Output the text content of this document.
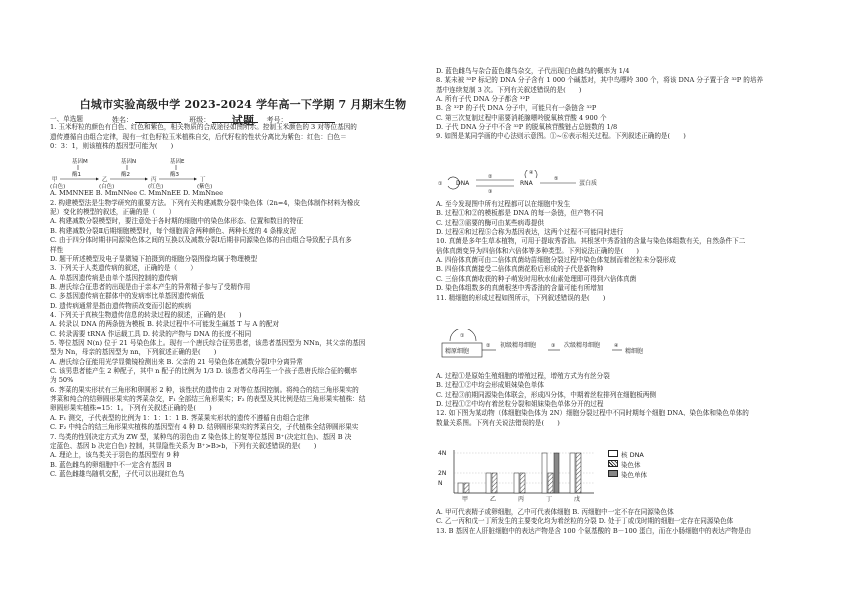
白城市实验高级中学 2023-2024 学年高一下学期 7 月期末生物试题
姓名：	班级：	考号：
一、单选题
1. 玉米籽粒的颜色有白色、红色和紫色，相关物质的合成途径如图所示。控制玉米颜色的 3 对等位基因的
遗传遵循自由组合定律，现有一红色籽粒玉米植株自交，后代籽粒的性状分离比为紫色：红色：白色＝
0：3：1，则该植株的基因型可能为(　　)
A. MMNNEE B. MmNNee C. MmNnEE D. MmNnee
2. 构建模型法是生物学研究的重要方法。下列有关构建减数分裂中染色体（2n=4，染色体制作材料为橡皮
泥）变化的模型的叙述，正确的是（　　）
A. 构建减数分裂模型时，要注意处于各时期的细胞中的染色体形态、位置和数目的特征
B. 构建减数分裂Ⅱ后期细胞模型时，每个细胞需含两种颜色、两种长度的 4 条橡皮泥
C. 由于四分体时期非同源染色体之间的互换以及减数分裂Ⅰ后期非同源染色体的自由组合导致配子具有多
样性
D. 题干所述模型及电子显微镜下拍摄到的细胞分裂图像均属于物理模型
3. 下列关于人类遗传病的叙述，正确的是（　　）
A. 单基因遗传病是由单个基因控制的遗传病
B. 唐氏综合征患者的出现是由于亲本产生的异常精子参与了受精作用
C. 多基因遗传病在群体中的发病率比单基因遗传病低
D. 遗传病通常是指由遗传物质改变而引起的疾病
4. 下列关于真核生物遗传信息的转录过程的叙述，正确的是(　　)
A. 转录以 DNA 的两条链为模板 B. 转录过程中不可能发生碱基 T 与 A 的配对
C. 转录需要 tRNA 作运载工具 D. 转录的产物与 DNA 的长度不相同
5. 等位基因 N(n) 位于 21 号染色体上。现有一个唐氏综合征男患者，该患者基因型为 NNn，其父亲的基因
型为 Nn，母亲的基因型为 nn，下列叙述正确的是(　　)
A. 唐氏综合征能用光学显微镜检测出来 B. 父亲的 21 号染色体在减数分裂Ⅰ中分离异常
C. 该男患者能产生 2 种配子，其中 n 配子的比例为 1/3 D. 该患者父母再生一个孩子患唐氏综合征的概率
为 50%
6. 荠菜的果实形状有三角形和卵圆形 2 种，该性状的遗传由 2 对等位基因控制。将纯合的结三角形果实的
荠菜和纯合的结卵圆形果实的荠菜杂交，F₁ 全部结三角形果实；F₂ 的表型及其比例是结三角形果实植株：结
卵圆形果实植株=15：1。下列有关叙述正确的是(　　)
A. F₁ 测交，子代表型的比例为 1：1：1：1 B. 荠菜果实形状的遗传不遵循自由组合定律
C. F₂ 中纯合的结三角形果实植株的基因型有 4 种 D. 结卵圆形果实的荠菜自交，子代植株全结卵圆形果实
7. 鸟类的性别决定方式为 ZW 型，某种鸟的羽色由 Z 染色体上的复等位基因 B⁺(决定红色)、基因 B 决
定蓝色、基因 b 决定白色) 控制，其显隐性关系为 B⁺>B>b，下列有关叙述错误的是(　　)
A. 理论上，该鸟类关于羽色的基因型有 9 种
B. 蓝色雌鸟的卵细胞中不一定含有基因 B
C. 蓝色雌雄鸟随机交配，子代可以出现红色鸟
D. 蓝色雌鸟与杂合蓝色雄鸟杂交，子代出现白色雌鸟的概率为 1/4
8. 某未被 ³²P 标记的 DNA 分子含有 1 000 个碱基对，其中鸟嘌呤 300 个，将该 DNA 分子置于含 ³²P 的培养
基中连续复制 3 次。下列有关叙述错误的是(　　)
A. 所有子代 DNA 分子都含 ³²P
B. 含 ³²P 的子代 DNA 分子中，可能只有一条链含 ³²P
C. 第三次复制过程中需要消耗腺嘌呤脱氧核苷酸 4 900 个
D. 子代 DNA 分子中不含 ³²P 的脱氧核苷酸链占总链数的 1/8
9. 如图是某同学画的中心法则示意图。①~⑥表示相关过程。下列叙述正确的是(　　)
A. 至今发现图中所有过程都可以在细胞中发生
B. 过程①和②的模板都是 DNA 的每一条链，但产物不同
C. 过程③需要的酶可由某些病毒提供
D. 过程④和过程⑤合称为基因表达，这两个过程不可能同时进行
10. 真菌是多年生草本植物，可用于提取秀香油。其根茎中秀香油的含量与染色体组数有关，自然条件下二
倍体真菌变异为四倍体和六倍体等多种类型。下列说法正确的是(　　)
A. 四倍体真菌可由二倍体真菌幼苗细胞分裂过程中染色体复制而着丝粒未分裂形成
B. 四倍体真菌接受二倍体真菌花粉后形成的子代是新物种
C. 三倍体真菌收获的种子萌发时用秋水仙素处理即可得到六倍体真菌
D. 染色体组数多的真菌根茎中秀香油的含量可能有所增加
11. 精细胞的形成过程如图所示，下列叙述错误的是(　　)
A. 过程①是原始生殖细胞的增殖过程，增殖方式为有丝分裂
B. 过程①②中均会形成姐妹染色单体
C. 过程③前期同源染色体联会，形成四分体，中期着丝粒排列在细胞板两侧
D. 过程①②中均有着丝粒分裂和姐妹染色单体分开的过程
12. 如下图为某动物（体细胞染色体为 2N）细胞分裂过程中不同时期每个细胞 DNA、染色体和染色单体的
数量关系图。下列有关说法错误的是(　　)
A. 甲可代表精子或卵细胞，乙中可代表体细胞 B. 丙细胞中一定不存在同源染色体
C. 乙一丙和戊一丁所发生的主要变化均为着丝粒的分裂 D. 处于丁或戊时期的细胞一定存在同源染色体
13. B 基因在人肝脏细胞中的表达产物是含 100 个氨基酸的 B－100 蛋白，而在小肠细胞中的表达产物是由
基因M	基因N	基因E
酶1	酶2	酶3
甲	乙	丙	丁
(白色)	(白色)	(红色)	(紫色)	DNA
①
②
③
RNA
④
⑤
蛋白质
①
精原细胞
② 初级精母细胞	③ 次级精母细胞	④
精细胞
4N
2N
N
甲	乙	丙	丁	戊
核 DNA
染色体
染色单体
